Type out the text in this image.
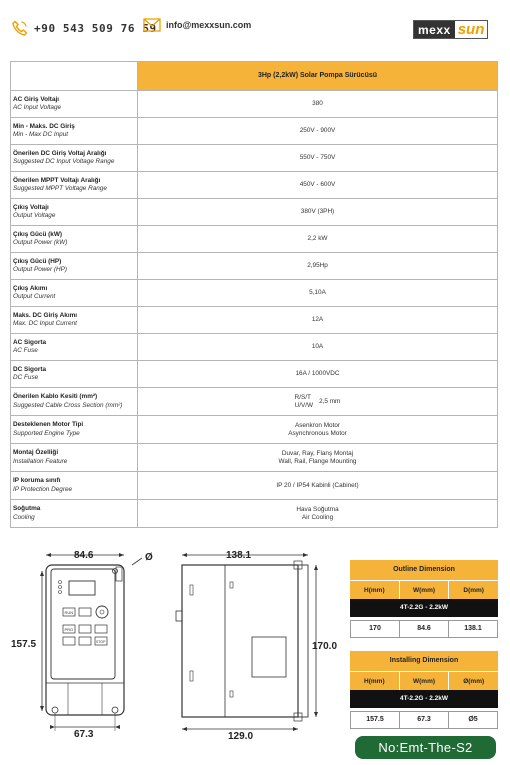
+90 543 509 76 59 info@mexxsun.com	mexx sun
	3Hp (2,2kW) Solar Pompa Sürücüsü

AC Giriş Voltajı
AC Input Voltage	380

Min - Maks. DC Giriş
Min - Max DC Input	250V - 900V

Önerilen DC Giriş Voltaj Aralığı
Suggested DC Input Voltage Range	550V - 750V

Önerilen MPPT Voltajı Aralığı
Suggested MPPT Voltage Range	450V - 600V

Çıkış Voltajı
Output Voltage	380V (3PH)

Çıkış Gücü (kW)
Output Power (kW)	2,2 kW

Çıkış Gücü (HP)
Output Power (HP)	2,95Hp

Çıkış Akımı
Output Current	5,10A

Maks. DC Giriş Akımı
Max. DC Input Current	12A

AC Sigorta
AC Fuse	10A

DC Sigorta
DC Fuse	16A / 1000VDC

Önerilen Kablo Kesiti (mm²)
Suggested Cable Cross Section (mm²)	R/S/T
U/V/W
2,5 mm

Desteklenen Motor Tipi
Supported Engine Type	Asenkron Motor
Asynchronous Motor

Montaj Özelliği
Installation Feature	Duvar, Ray, Flanş Montaj
Wall, Rail, Flange Mounting

IP koruma sınıfı
IP Protection Degree	IP 20 / IP54 Kabinli (Cabinet)

Soğutma
Cooling	Hava Soğutma
Air Cooling
84.6	Ø
RUN
PRG
STOP
157.5
67.3
138.1
170.0
129.0
Outline Dimension
H(mm)	W(mm)	D(mm)
4T-2.2G - 2.2kW
170	84.6	138.1
Installing Dimension
H(mm)	W(mm)	Ø(mm)
4T-2.2G - 2.2kW
157.5	67.3	Ø5
No:Emt-The-S2
